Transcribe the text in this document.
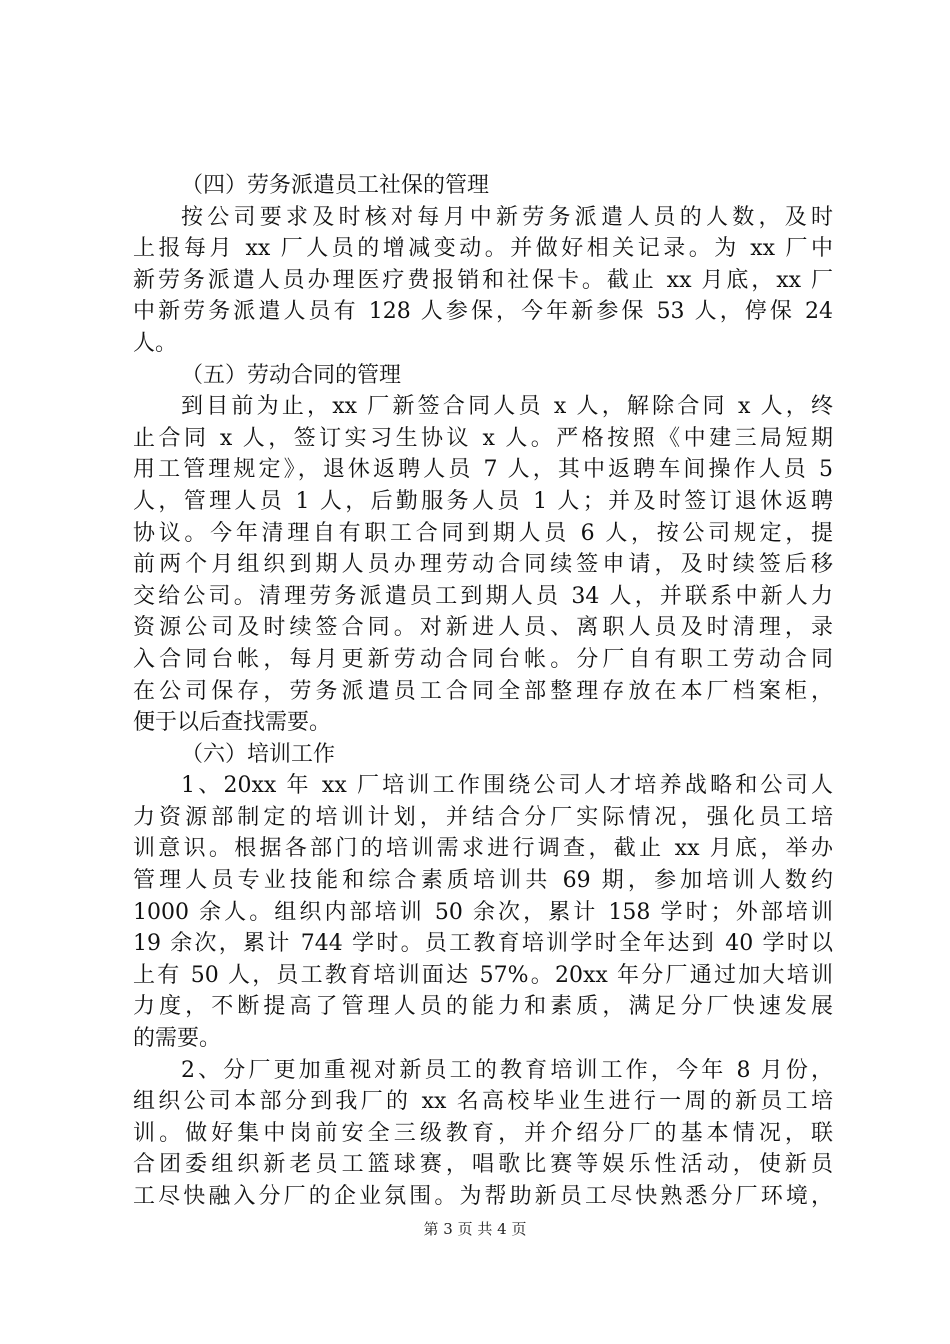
（四）劳务派遣员工社保的管理
按公司要求及时核对每月中新劳务派遣人员的人数，及时
上报每月 xx 厂人员的增减变动。并做好相关记录。为 xx 厂中
新劳务派遣人员办理医疗费报销和社保卡。截止 xx 月底，xx 厂
中新劳务派遣人员有 128 人参保，今年新参保 53 人，停保 24
人。
（五）劳动合同的管理
到目前为止，xx 厂新签合同人员 x 人，解除合同 x 人，终
止合同 x 人，签订实习生协议 x 人。严格按照《中建三局短期
用工管理规定》，退休返聘人员 7 人，其中返聘车间操作人员 5
人，管理人员 1 人，后勤服务人员 1 人；并及时签订退休返聘
协议。今年清理自有职工合同到期人员 6 人，按公司规定，提
前两个月组织到期人员办理劳动合同续签申请，及时续签后移
交给公司。清理劳务派遣员工到期人员 34 人，并联系中新人力
资源公司及时续签合同。对新进人员、离职人员及时清理，录
入合同台帐，每月更新劳动合同台帐。分厂自有职工劳动合同
在公司保存，劳务派遣员工合同全部整理存放在本厂档案柜，
便于以后查找需要。
（六）培训工作
1、20xx 年 xx 厂培训工作围绕公司人才培养战略和公司人
力资源部制定的培训计划，并结合分厂实际情况，强化员工培
训意识。根据各部门的培训需求进行调查，截止 xx 月底，举办
管理人员专业技能和综合素质培训共 69 期，参加培训人数约
1000 余人。组织内部培训 50 余次，累计 158 学时；外部培训
19 余次，累计 744 学时。员工教育培训学时全年达到 40 学时以
上有 50 人，员工教育培训面达 57%。20xx 年分厂通过加大培训
力度，不断提高了管理人员的能力和素质，满足分厂快速发展
的需要。
2、分厂更加重视对新员工的教育培训工作，今年 8 月份，
组织公司本部分到我厂的 xx 名高校毕业生进行一周的新员工培
训。做好集中岗前安全三级教育，并介绍分厂的基本情况，联
合团委组织新老员工篮球赛，唱歌比赛等娱乐性活动，使新员
工尽快融入分厂的企业氛围。为帮助新员工尽快熟悉分厂环境，
第 3 页 共 4 页
